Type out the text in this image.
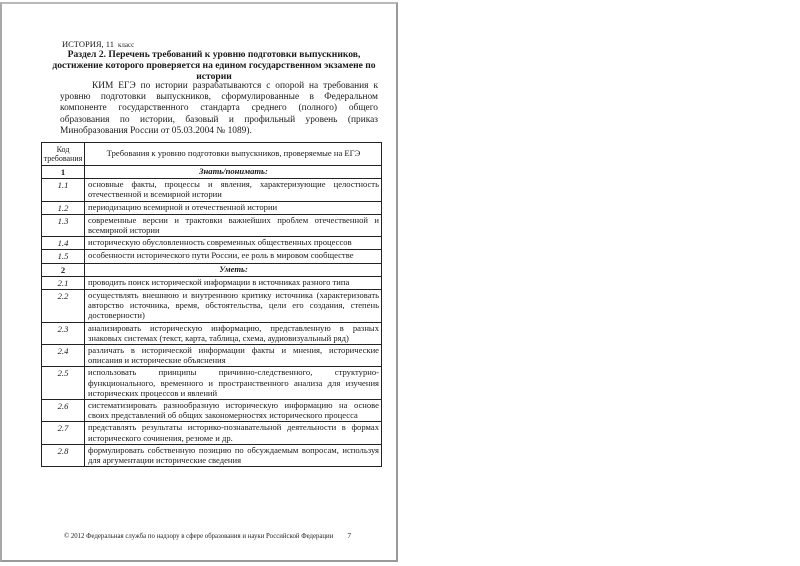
ИСТОРИЯ, 11 класс
Раздел 2. Перечень требований к уровню подготовки выпускников, достижение которого проверяется на едином государственном экзамене по истории
КИМ ЕГЭ по истории разрабатываются с опорой на требования к уровню подготовки выпускников, сформулированные в Федеральном компоненте государственного стандарта среднего (полного) общего образования по истории, базовый и профильный уровень (приказ Минобразования России от 05.03.2004 № 1089).
Код требования	Требования к уровню подготовки выпускников, проверяемые на ЕГЭ
1	Знать/понимать:
1.1	основные факты, процессы и явления, характеризующие целостность отечественной и всемирной истории
1.2	периодизацию всемирной и отечественной истории
1.3	современные версии и трактовки важнейших проблем отечественной и всемирной истории
1.4	историческую обусловленность современных общественных процессов
1.5	особенности исторического пути России, ее роль в мировом сообществе
2	Уметь:
2.1	проводить поиск исторической информации в источниках разного типа
2.2	осуществлять внешнюю и внутреннюю критику источника (характеризовать авторство источника, время, обстоятельства, цели его создания, степень достоверности)
2.3	анализировать историческую информацию, представленную в разных знаковых системах (текст, карта, таблица, схема, аудиовизуальный ряд)
2.4	различать в исторической информации факты и мнения, исторические описания и исторические объяснения
2.5	использовать принципы причинно-следственного, структурно-функционального, временного и пространственного анализа для изучения исторических процессов и явлений
2.6	систематизировать разнообразную историческую информацию на основе своих представлений об общих закономерностях исторического процесса
2.7	представлять результаты историко-познавательной деятельности в формах исторического сочинения, резюме и др.
2.8	формулировать собственную позицию по обсуждаемым вопросам, используя для аргументации исторические сведения
© 2012 Федеральная служба по надзору в сфере образования и науки Российской Федерации 7
